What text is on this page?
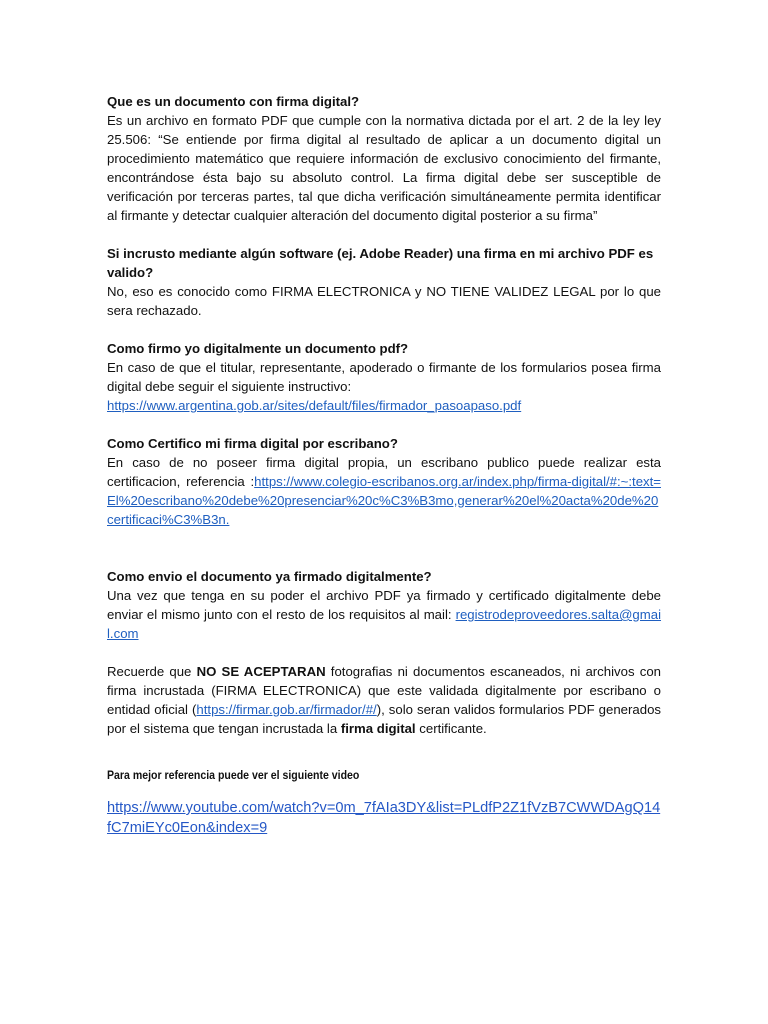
Que es un documento con firma digital?

Es un archivo en formato PDF que cumple con la normativa dictada por el art. 2 de la ley ley 25.506: “Se entiende por firma digital al resultado de aplicar a un documento digital un procedimiento matemático que requiere información de exclusivo conocimiento del firmante, encontrándose ésta bajo su absoluto control. La firma digital debe ser susceptible de verificación por terceras partes, tal que dicha verificación simultáneamente permita identificar al firmante y detectar cualquier alteración del documento digital posterior a su firma”

Si incrusto mediante algún software (ej. Adobe Reader) una firma en mi archivo PDF es valido?

No, eso es conocido como FIRMA ELECTRONICA y NO TIENE VALIDEZ LEGAL por lo que sera rechazado.

Como firmo yo digitalmente un documento pdf?

En caso de que el titular, representante, apoderado o firmante de los formularios posea firma digital debe seguir el siguiente instructivo:

https://www.argentina.gob.ar/sites/default/files/firmador_pasoapaso.pdf

Como Certifico mi firma digital por escribano?

En caso de no poseer firma digital propia, un escribano publico puede realizar esta certificacion, referencia :https://www.colegio-escribanos.org.ar/index.php/firma-digital/#:~:text=El%20escribano%20debe%20presenciar%20c%C3%B3mo,generar%20el%20acta%20de%20certificaci%C3%B3n.

Como envio el documento ya firmado digitalmente?

Una vez que tenga en su poder el archivo PDF ya firmado y certificado digitalmente debe enviar el mismo junto con el resto de los requisitos al mail: registrodeproveedores.salta@gmail.com

Recuerde que NO SE ACEPTARAN fotografias ni documentos escaneados, ni archivos con firma incrustada (FIRMA ELECTRONICA) que este validada digitalmente por escribano o entidad oficial (https://firmar.gob.ar/firmador/#/), solo seran validos formularios PDF generados por el sistema que tengan incrustada la firma digital certificante.

Para mejor referencia puede ver el siguiente video

https://www.youtube.com/watch?v=0m_7fAIa3DY&list=PLdfP2Z1fVzB7CWWDAgQ14fC7miEYc0Eon&index=9
